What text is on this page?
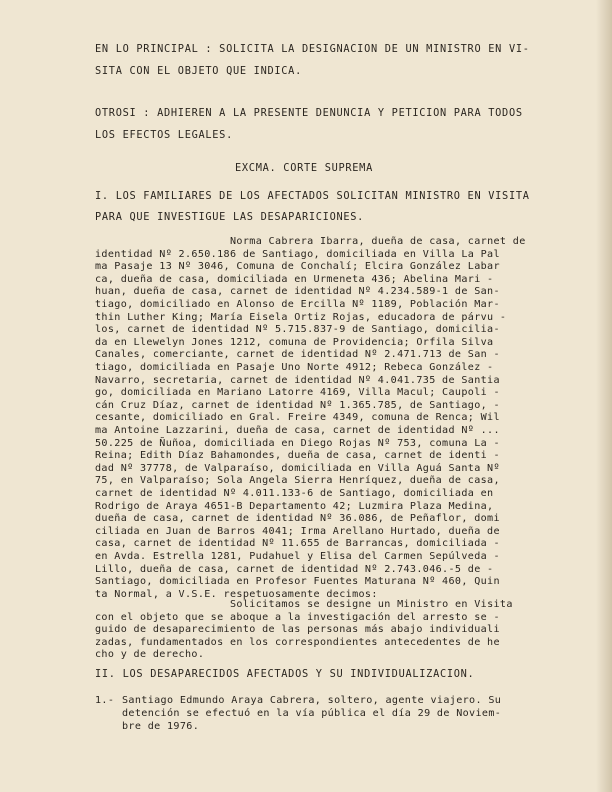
EN LO PRINCIPAL : SOLICITA LA DESIGNACION DE UN MINISTRO EN VI-
SITA CON EL OBJETO QUE INDICA.
OTROSI : ADHIEREN A LA PRESENTE DENUNCIA Y PETICION PARA TODOS
LOS EFECTOS LEGALES.
EXCMA. CORTE SUPREMA
I. LOS FAMILIARES DE LOS AFECTADOS SOLICITAN MINISTRO EN VISITA
PARA QUE INVESTIGUE LAS DESAPARICIONES.
Norma Cabrera Ibarra, dueña de casa, carnet de
identidad Nº 2.650.186 de Santiago, domiciliada en Villa La Pal
ma Pasaje 13 Nº 3046, Comuna de Conchalí; Elcira González Labar
ca, dueña de casa, domiciliada en Urmeneta 436; Abelina Mari -
huan, dueña de casa, carnet de identidad Nº 4.234.589-1 de San-
tiago, domiciliado en Alonso de Ercilla Nº 1189, Población Mar-
thin Luther King; María Eisela Ortiz Rojas, educadora de párvu -
los, carnet de identidad Nº 5.715.837-9 de Santiago, domicilia-
da en Llewelyn Jones 1212, comuna de Providencia; Orfila Silva
Canales, comerciante, carnet de identidad Nº 2.471.713 de San -
tiago, domiciliada en Pasaje Uno Norte 4912; Rebeca González -
Navarro, secretaria, carnet de identidad Nº 4.041.735 de Santia
go, domiciliada en Mariano Latorre 4169, Villa Macul; Caupoli -
cán Cruz Díaz, carnet de identidad Nº 1.365.785, de Santiago, -
cesante, domiciliado en Gral. Freire 4349, comuna de Renca; Wil
ma Antoine Lazzarini, dueña de casa, carnet de identidad Nº ...
50.225 de Ñuñoa, domiciliada en Diego Rojas Nº 753, comuna La -
Reina; Edith Díaz Bahamondes, dueña de casa, carnet de identi -
dad Nº 37778, de Valparaíso, domiciliada en Villa Aguá Santa Nº
75, en Valparaíso; Sola Angela Sierra Henríquez, dueña de casa,
carnet de identidad Nº 4.011.133-6 de Santiago, domiciliada en
Rodrigo de Araya 4651-B Departamento 42; Luzmira Plaza Medina,
dueña de casa, carnet de identidad Nº 36.086, de Peñaflor, domi
ciliada en Juan de Barros 4041; Irma Arellano Hurtado, dueña de
casa, carnet de identidad Nº 11.655 de Barrancas, domiciliada -
en Avda. Estrella 1281, Pudahuel y Elisa del Carmen Sepúlveda -
Lillo, dueña de casa, carnet de identidad Nº 2.743.046.-5 de -
Santiago, domiciliada en Profesor Fuentes Maturana Nº 460, Quin
ta Normal, a V.S.E. respetuosamente decimos:
Solicitamos se designe un Ministro en Visita
con el objeto que se aboque a la investigación del arresto se -
guido de desaparecimiento de las personas más abajo individuali
zadas, fundamentados en los correspondientes antecedentes de he
cho y de derecho.
II. LOS DESAPARECIDOS AFECTADOS Y SU INDIVIDUALIZACION.
1.- Santiago Edmundo Araya Cabrera, soltero, agente viajero. Su
detención se efectuó en la vía pública el día 29 de Noviem-
bre de 1976.
